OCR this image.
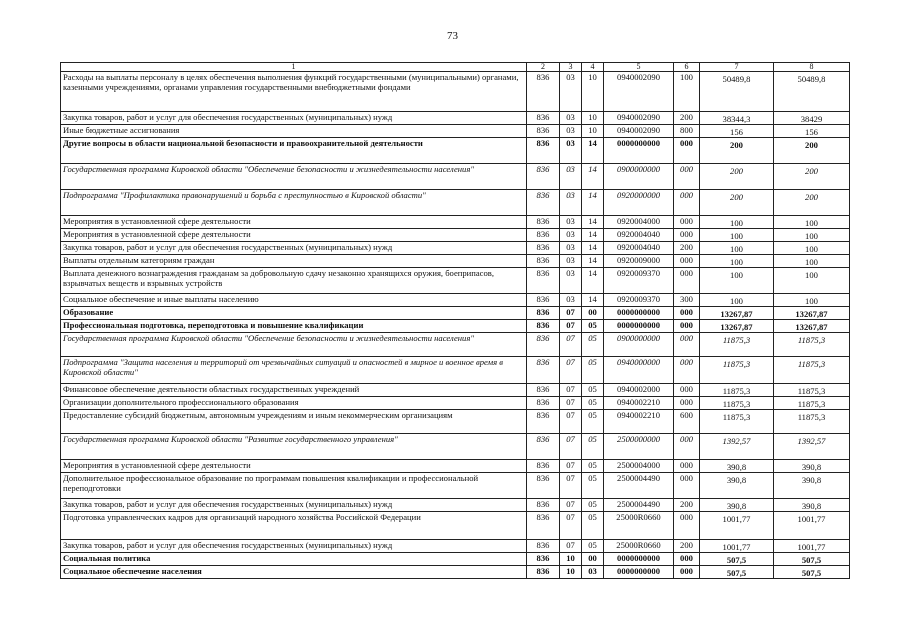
73
1	2	3	4	5	6	7	8
Расходы на выплаты персоналу в целях обеспечения выполнения функций государственными (муниципальными) органами, казенными учреждениями, органами управления государственными внебюджетными фондами	836	03	10	0940002090	100	50489,8	50489,8
Закупка товаров, работ и услуг для обеспечения государственных (муниципальных) нужд	836	03	10	0940002090	200	38344,3	38429
Иные бюджетные ассигнования	836	03	10	0940002090	800	156	156
Другие вопросы в области национальной безопасности и правоохранительной деятельности	836	03	14	0000000000	000	200	200
Государственная программа Кировской области "Обеспечение безопасности и жизнедеятельности населения"	836	03	14	0900000000	000	200	200
Подпрограмма "Профилактика правонарушений и борьба с преступностью в Кировской области"	836	03	14	0920000000	000	200	200
Мероприятия в установленной сфере деятельности	836	03	14	0920004000	000	100	100
Мероприятия в установленной сфере деятельности	836	03	14	0920004040	000	100	100
Закупка товаров, работ и услуг для обеспечения государственных (муниципальных) нужд	836	03	14	0920004040	200	100	100
Выплаты отдельным категориям граждан	836	03	14	0920009000	000	100	100
Выплата денежного вознаграждения гражданам за добровольную сдачу незаконно хранящихся оружия, боеприпасов, взрывчатых веществ и взрывных устройств	836	03	14	0920009370	000	100	100
Социальное обеспечение и иные выплаты населению	836	03	14	0920009370	300	100	100
Образование	836	07	00	0000000000	000	13267,87	13267,87
Профессиональная подготовка, переподготовка и повышение квалификации	836	07	05	0000000000	000	13267,87	13267,87
Государственная программа Кировской области "Обеспечение безопасности и жизнедеятельности населения"	836	07	05	0900000000	000	11875,3	11875,3
Подпрограмма "Защита населения и территорий от чрезвычайных ситуаций и опасностей в мирное и военное время в Кировской области"	836	07	05	0940000000	000	11875,3	11875,3
Финансовое обеспечение деятельности областных государственных учреждений	836	07	05	0940002000	000	11875,3	11875,3
Организации дополнительного профессионального образования	836	07	05	0940002210	000	11875,3	11875,3
Предоставление субсидий бюджетным, автономным учреждениям и иным некоммерческим организациям	836	07	05	0940002210	600	11875,3	11875,3
Государственная программа Кировской области "Развитие государственного управления"	836	07	05	2500000000	000	1392,57	1392,57
Мероприятия в установленной сфере деятельности	836	07	05	2500004000	000	390,8	390,8
Дополнительное профессиональное образование по программам повышения квалификации и профессиональной переподготовки	836	07	05	2500004490	000	390,8	390,8
Закупка товаров, работ и услуг для обеспечения государственных (муниципальных) нужд	836	07	05	2500004490	200	390,8	390,8
Подготовка управленческих кадров для организаций народного хозяйства Российской Федерации	836	07	05	25000R0660	000	1001,77	1001,77
Закупка товаров, работ и услуг для обеспечения государственных (муниципальных) нужд	836	07	05	25000R0660	200	1001,77	1001,77
Социальная политика	836	10	00	0000000000	000	507,5	507,5
Социальное обеспечение населения	836	10	03	0000000000	000	507,5	507,5
